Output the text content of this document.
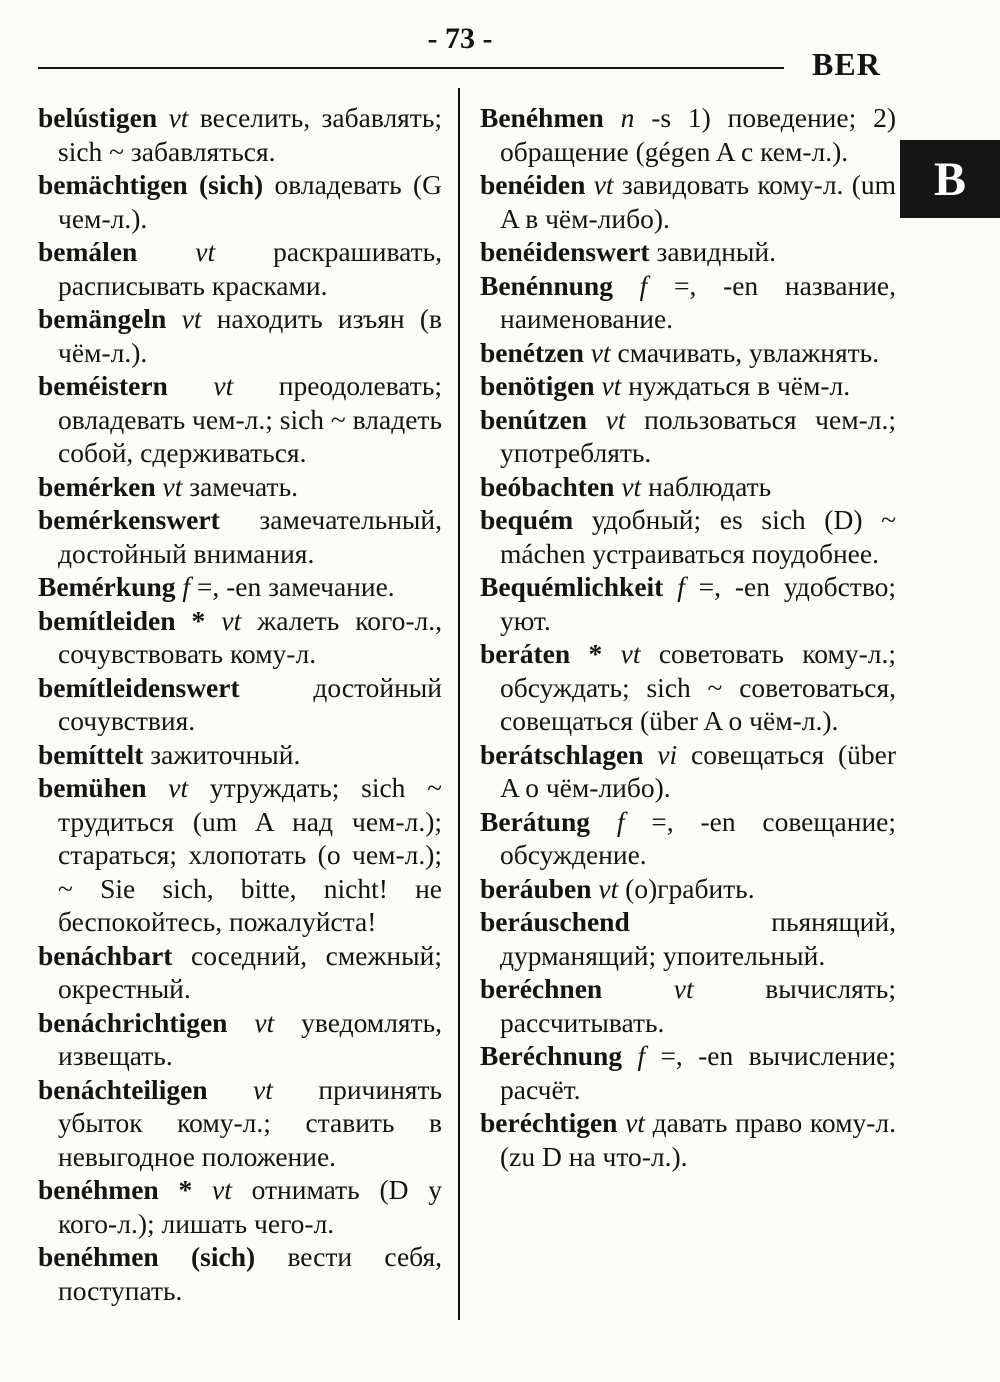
- 73 -
BER
B

belústigen vt веселить, забавлять; sich ~ забавляться.

bemächtigen (sich) овладевать (G чем-л.).

bemálen vt раскрашивать, расписывать красками.

bemängeln vt находить изъян (в чём-л.).

beméistern vt преодолевать; овладевать чем-л.; sich ~ владеть собой, сдерживаться.

bemérken vt замечать.

bemérkenswert замечательный, достойный внимания.

Bemérkung f =, -en замечание.

bemítleiden * vt жалеть кого-л., сочувствовать кому-л.

bemítleidenswert	достойный сочувствия.

bemíttelt зажиточный.

bemühen vt утруждать; sich ~ трудиться (um A над чем-л.); стараться; хлопотать (о чем-л.); ~ Sie sich, bitte, nicht! не беспокойтесь, пожалуйста!

benáchbart соседний, смежный; окрестный.

benáchrichtigen vt уведомлять, извещать.

benáchteiligen vt причинять убыток кому-л.; ставить в невыгодное положение.

benéhmen * vt отнимать (D у кого-л.); лишать чего-л.

benéhmen (sich) вести себя, поступать.

Benéhmen n -s 1) поведение; 2) обращение (gégen A с кем-л.).

benéiden vt завидовать кому-л. (um A в чём-либо).

benéidenswert завидный.

Benénnung f =, -en название, наименование.

benétzen vt смачивать, увлажнять.

benötigen vt нуждаться в чём-л.

benútzen vt пользоваться чем-л.; употреблять.

beóbachten vt наблюдать

bequém удобный; es sich (D) ~ máchen устраиваться поудобнее.

Bequémlichkeit f =, -en удобство; уют.

beráten * vt советовать кому-л.; обсуждать; sich ~ советоваться, совещаться (über A о чём-л.).

berátschlagen vi совещаться (über A о чём-либо).

Berátung f =, -en совещание; обсуждение.

beráuben vt (о)грабить.

beráuschend	пьянящий, дурманящий; упоительный.

beréchnen	vt	вычислять; рассчитывать.

Beréchnung f =, -en вычисление; расчёт.

beréchtigen vt давать право кому-л. (zu D на что-л.).
